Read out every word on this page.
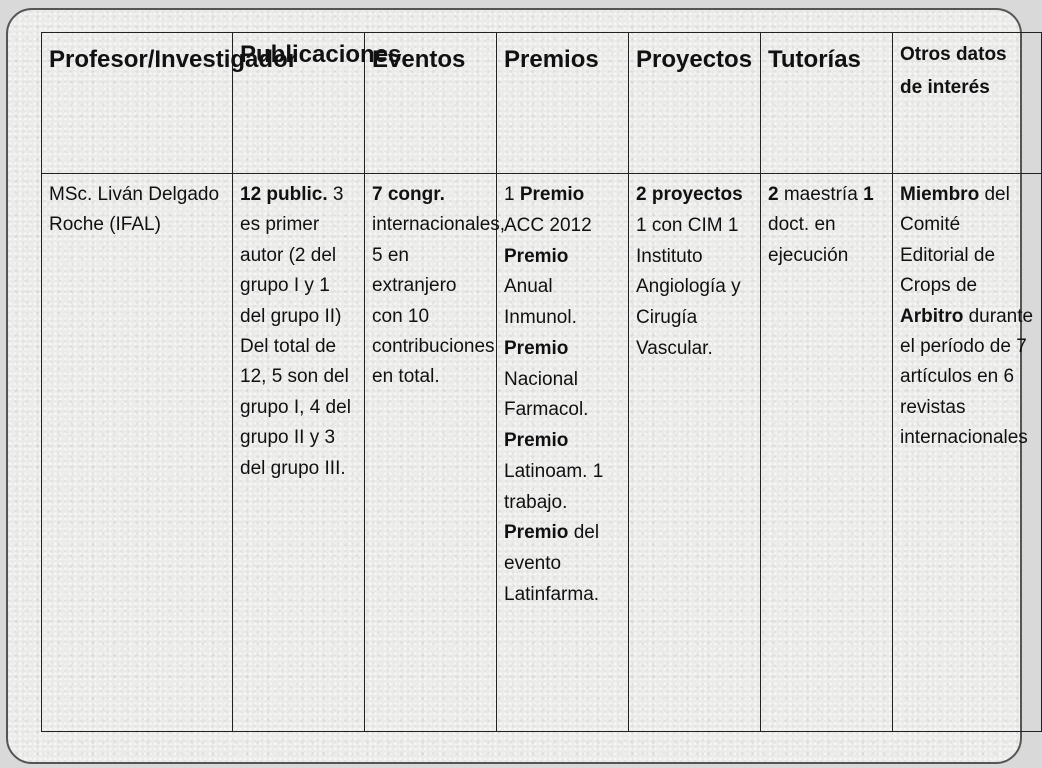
Profesor/Investigador	Publicaciones	Eventos	Premios	Proyectos	Tutorías	Otros datos de interés

MSc. Liván Delgado Roche (IFAL)	12 public. 3 es primer autor (2 del grupo I y 1 del grupo II) Del total de 12, 5 son del grupo I, 4 del grupo II y 3 del grupo III.	7 congr. internacionales, 5 en extranjero con 10 contribuciones en total.	1 Premio ACC 2012 Premio Anual Inmunol. Premio Nacional Farmacol. Premio Latinoam. 1 trabajo. Premio del evento Latinfarma.	2 proyectos 1 con CIM 1 Instituto Angiología y Cirugía Vascular.	2 maestría 1 doct. en ejecución	Miembro del Comité Editorial de Crops de Arbitro durante el período de 7 artículos en 6 revistas internacionales
